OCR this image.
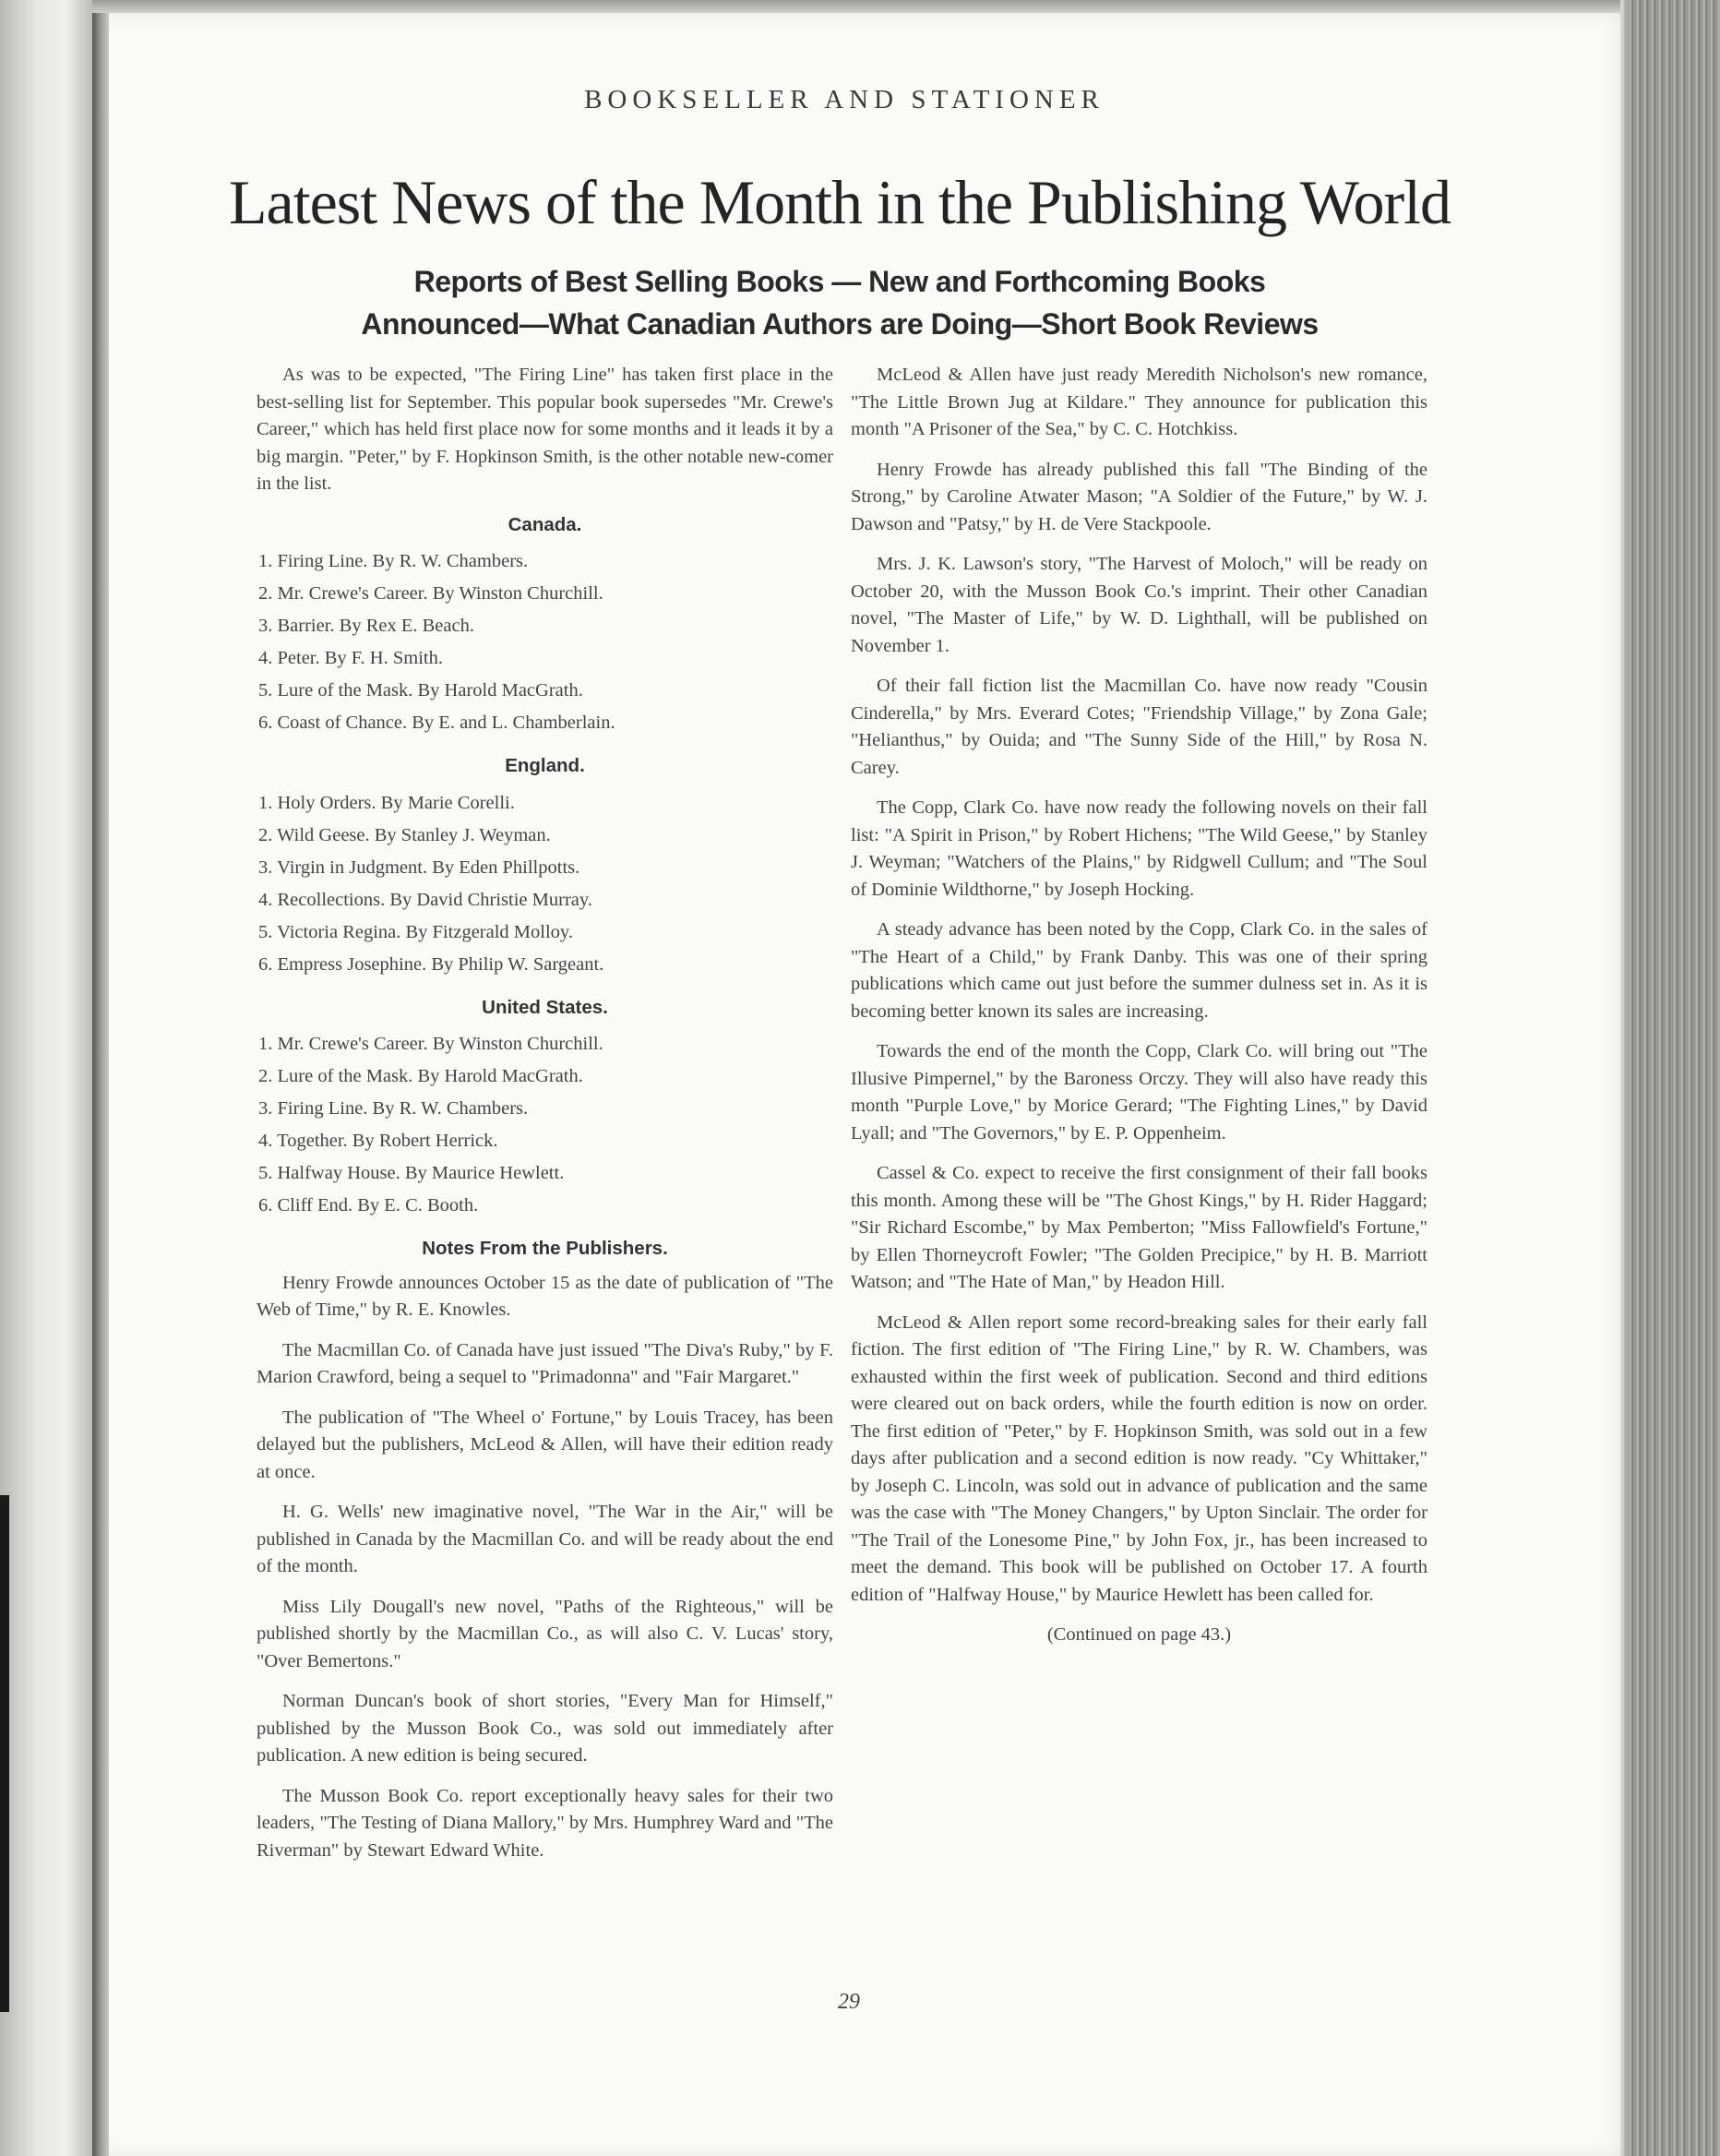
BOOKSELLER AND STATIONER
Latest News of the Month in the Publishing World
Reports of Best Selling Books — New and Forthcoming Books
Announced—What Canadian Authors are Doing—Short Book Reviews

As was to be expected, "The Firing Line" has taken first place in the best-selling list for September. This popular book supersedes "Mr. Crewe's Career," which has held first place now for some months and it leads it by a big margin. "Peter," by F. Hopkinson Smith, is the other notable new-comer in the list.

Canada.
1. Firing Line. By R. W. Chambers.
2. Mr. Crewe's Career. By Winston Churchill.
3. Barrier. By Rex E. Beach.
4. Peter. By F. H. Smith.
5. Lure of the Mask. By Harold MacGrath.
6. Coast of Chance. By E. and L. Chamberlain.
England.
1. Holy Orders. By Marie Corelli.
2. Wild Geese. By Stanley J. Weyman.
3. Virgin in Judgment. By Eden Phillpotts.
4. Recollections. By David Christie Murray.
5. Victoria Regina. By Fitzgerald Molloy.
6. Empress Josephine. By Philip W. Sargeant.
United States.
1. Mr. Crewe's Career. By Winston Churchill.
2. Lure of the Mask. By Harold MacGrath.
3. Firing Line. By R. W. Chambers.
4. Together. By Robert Herrick.
5. Halfway House. By Maurice Hewlett.
6. Cliff End. By E. C. Booth.
Notes From the Publishers.

Henry Frowde announces October 15 as the date of publication of "The Web of Time," by R. E. Knowles.

The Macmillan Co. of Canada have just issued "The Diva's Ruby," by F. Marion Crawford, being a sequel to "Primadonna" and "Fair Margaret."

The publication of "The Wheel o' Fortune," by Louis Tracey, has been delayed but the publishers, McLeod & Allen, will have their edition ready at once.

H. G. Wells' new imaginative novel, "The War in the Air," will be published in Canada by the Macmillan Co. and will be ready about the end of the month.

Miss Lily Dougall's new novel, "Paths of the Righteous," will be published shortly by the Macmillan Co., as will also C. V. Lucas' story, "Over Bemertons."

Norman Duncan's book of short stories, "Every Man for Himself," published by the Musson Book Co., was sold out immediately after publication. A new edition is being secured.

The Musson Book Co. report exceptionally heavy sales for their two leaders, "The Testing of Diana Mallory," by Mrs. Humphrey Ward and "The Riverman" by Stewart Edward White.

McLeod & Allen have just ready Meredith Nicholson's new romance, "The Little Brown Jug at Kildare." They announce for publication this month "A Prisoner of the Sea," by C. C. Hotchkiss.

Henry Frowde has already published this fall "The Binding of the Strong," by Caroline Atwater Mason; "A Soldier of the Future," by W. J. Dawson and "Patsy," by H. de Vere Stackpoole.

Mrs. J. K. Lawson's story, "The Harvest of Moloch," will be ready on October 20, with the Musson Book Co.'s imprint. Their other Canadian novel, "The Master of Life," by W. D. Lighthall, will be published on November 1.

Of their fall fiction list the Macmillan Co. have now ready "Cousin Cinderella," by Mrs. Everard Cotes; "Friendship Village," by Zona Gale; "Helianthus," by Ouida; and "The Sunny Side of the Hill," by Rosa N. Carey.

The Copp, Clark Co. have now ready the following novels on their fall list: "A Spirit in Prison," by Robert Hichens; "The Wild Geese," by Stanley J. Weyman; "Watchers of the Plains," by Ridgwell Cullum; and "The Soul of Dominie Wildthorne," by Joseph Hocking.

A steady advance has been noted by the Copp, Clark Co. in the sales of "The Heart of a Child," by Frank Danby. This was one of their spring publications which came out just before the summer dulness set in. As it is becoming better known its sales are increasing.

Towards the end of the month the Copp, Clark Co. will bring out "The Illusive Pimpernel," by the Baroness Orczy. They will also have ready this month "Purple Love," by Morice Gerard; "The Fighting Lines," by David Lyall; and "The Governors," by E. P. Oppenheim.

Cassel & Co. expect to receive the first consignment of their fall books this month. Among these will be "The Ghost Kings," by H. Rider Haggard; "Sir Richard Escombe," by Max Pemberton; "Miss Fallowfield's Fortune," by Ellen Thorneycroft Fowler; "The Golden Precipice," by H. B. Marriott Watson; and "The Hate of Man," by Headon Hill.

McLeod & Allen report some record-breaking sales for their early fall fiction. The first edition of "The Firing Line," by R. W. Chambers, was exhausted within the first week of publication. Second and third editions were cleared out on back orders, while the fourth edition is now on order. The first edition of "Peter," by F. Hopkinson Smith, was sold out in a few days after publication and a second edition is now ready. "Cy Whittaker," by Joseph C. Lincoln, was sold out in advance of publication and the same was the case with "The Money Changers," by Upton Sinclair. The order for "The Trail of the Lonesome Pine," by John Fox, jr., has been increased to meet the demand. This book will be published on October 17. A fourth edition of "Halfway House," by Maurice Hewlett has been called for.

(Continued on page 43.)

29
